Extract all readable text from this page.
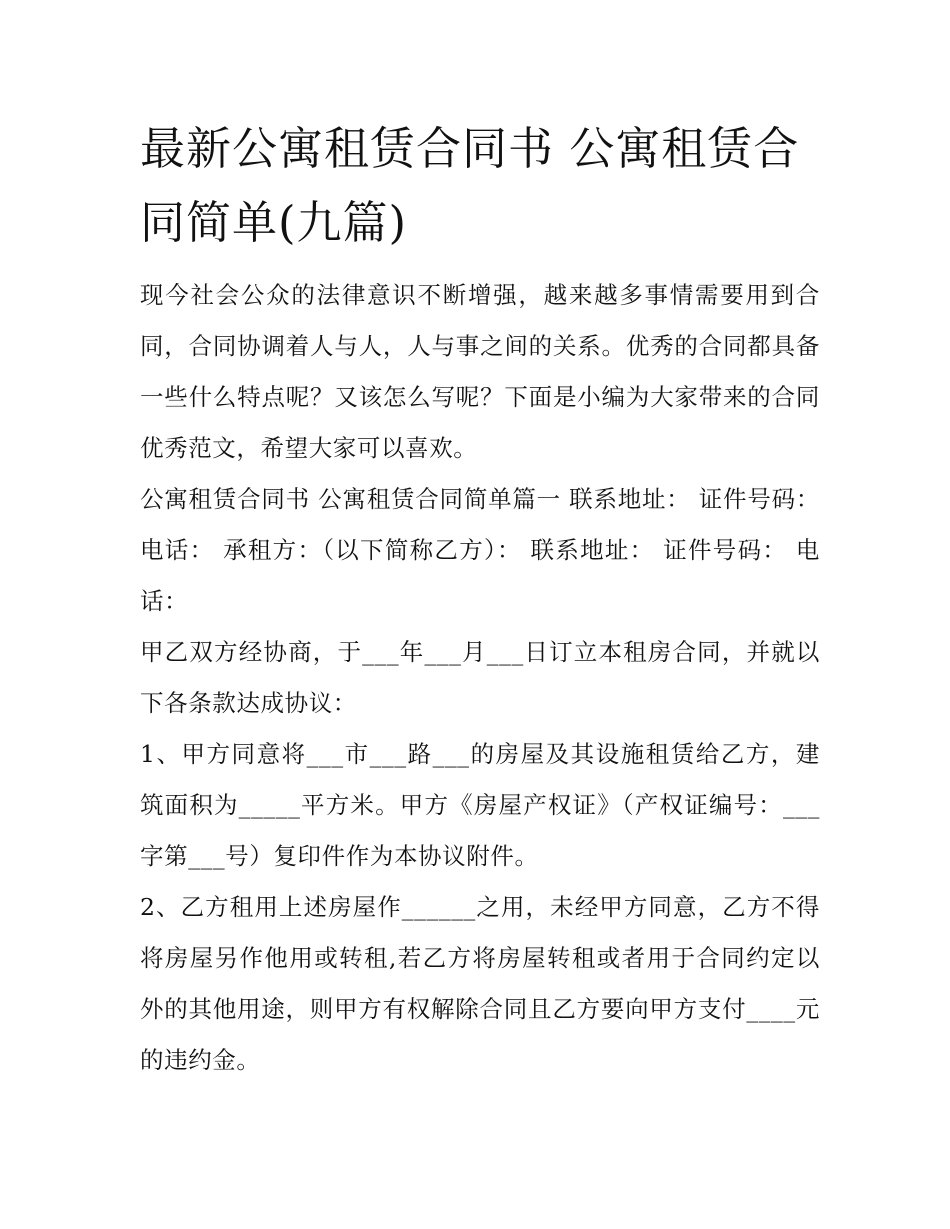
最新公寓租赁合同书 公寓租赁合同简单(九篇)

现今社会公众的法律意识不断增强，越来越多事情需要用到合同，合同协调着人与人，人与事之间的关系。优秀的合同都具备一些什么特点呢？又该怎么写呢？下面是小编为大家带来的合同优秀范文，希望大家可以喜欢。

公寓租赁合同书 公寓租赁合同简单篇一 联系地址： 证件号码： 电话： 承租方：（以下简称乙方）： 联系地址： 证件号码： 电话：

甲乙双方经协商，于___年___月___日订立本租房合同，并就以下各条款达成协议：

1、甲方同意将___市___路___的房屋及其设施租赁给乙方，建筑面积为_____平方米。甲方《房屋产权证》（产权证编号：___字第___号）复印件作为本协议附件。

2、乙方租用上述房屋作______之用，未经甲方同意，乙方不得将房屋另作他用或转租,若乙方将房屋转租或者用于合同约定以外的其他用途，则甲方有权解除合同且乙方要向甲方支付____元的违约金。
